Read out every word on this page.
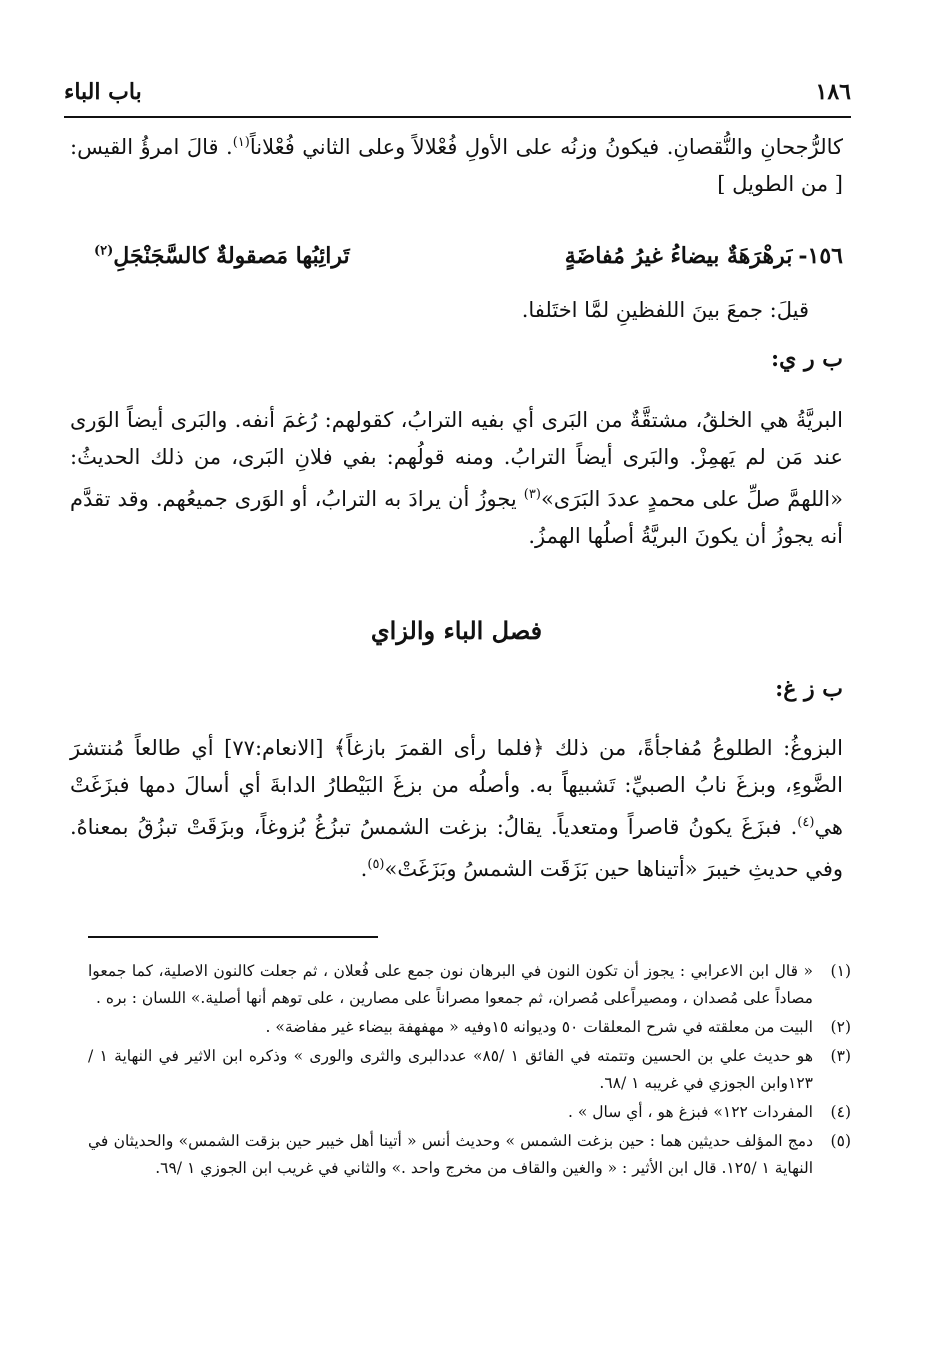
١٨٦
باب الباء

كالرُّجحانِ والنُّقصانِ. فيكونُ وزنُه على الأولِ فُعْلالاً وعلى الثاني فُعْلاناً$^{(١)}$. قالَ امرؤُ القيس: [ من الطويل ]

١٥٦-بَرهْرَهَةٌ بيضاءُ غيرُ مُفاضَةٍ
تَرائِبُها مَصقولةٌ كالسَّجَنْجَلِ$^{(٢)}$
قيلَ: جمعَ بينَ اللفظينِ لمَّا اختَلفا.
ب ر ي:

البريَّةُ هي الخلقُ، مشتقَّةٌ من البَرى أي بفيه الترابُ، كقولهم: رُغمَ أنفه. والبَرى أيضاً الوَرى عند مَن لم يَهمِزْ. والبَرى أيضاً الترابُ. ومنه قولُهم: بفي فلانِ البَرى، من ذلك الحديثُ: «اللهمَّ صلِّ على محمدٍ عددَ البَرَى»$^{(٣)}$ يجوزُ أن يرادَ به الترابُ، أو الوَرى جميعُهم. وقد تقدَّم أنه يجوزُ أن يكونَ البريَّةُ أصلُها الهمزُ.

فصل الباء والزاي
ب ز غ:

البزوغُ: الطلوعُ مُفاجأةً، من ذلك ﴿فلما رأى القمرَ بازغاً﴾ [الانعام:٧٧] أي طالعاً مُنتشرَ الضَّوءِ، وبزغَ نابُ الصبيِّ: تَشبيهاً به. وأصلُه من بزغَ البَيْطارُ الدابةَ أي أسالَ دمها فبزَغَتْ هي$^{(٤)}$. فبزَغَ يكونُ قاصراً ومتعدياً. يقالُ: بزغت الشمسُ تبزُغُ بُزوغاً، وبزَقَتْ تبزُقُ بمعناهُ. وفي حديثِ خيبرَ «أتيناها حين بَزَقَت الشمسُ وبَزَغَتْ»$^{(٥)}$.

(١)
« قال ابن الاعرابي : يجوز أن تكون النون في البرهان نون جمع على فُعلان ، ثم جعلت كالنون الاصلية، كما جمعوا مصاداً على مُصدان ، ومصيراًعلى مُصران، ثم جمعوا مصراناً على مصارين ، على توهم أنها أصلية.» اللسان : بره .
(٢)
البيت من معلقته في شرح المعلقات ٥٠ وديوانه ١٥وفيه « مهفهفة بيضاء غير مفاضة» .
(٣)
هو حديث علي بن الحسين وتتمته في الفائق ١ /٨٥» عددالبرى والثرى والورى » وذكره ابن الاثير في النهاية ١ /١٢٣وابن الجوزي في غريبه ١ /٦٨.
(٤)
المفردات ١٢٢» فبزغ هو ، أي سال » .
(٥)
دمج المؤلف حديثين هما : حين بزغت الشمس » وحديث أنس « أتينا أهل خيبر حين بزقت الشمس» والحديثان في النهاية ١ /١٢٥. قال ابن الأثير : « والغين والقاف من مخرج واحد .» والثاني في غريب ابن الجوزي ١ /٦٩.
